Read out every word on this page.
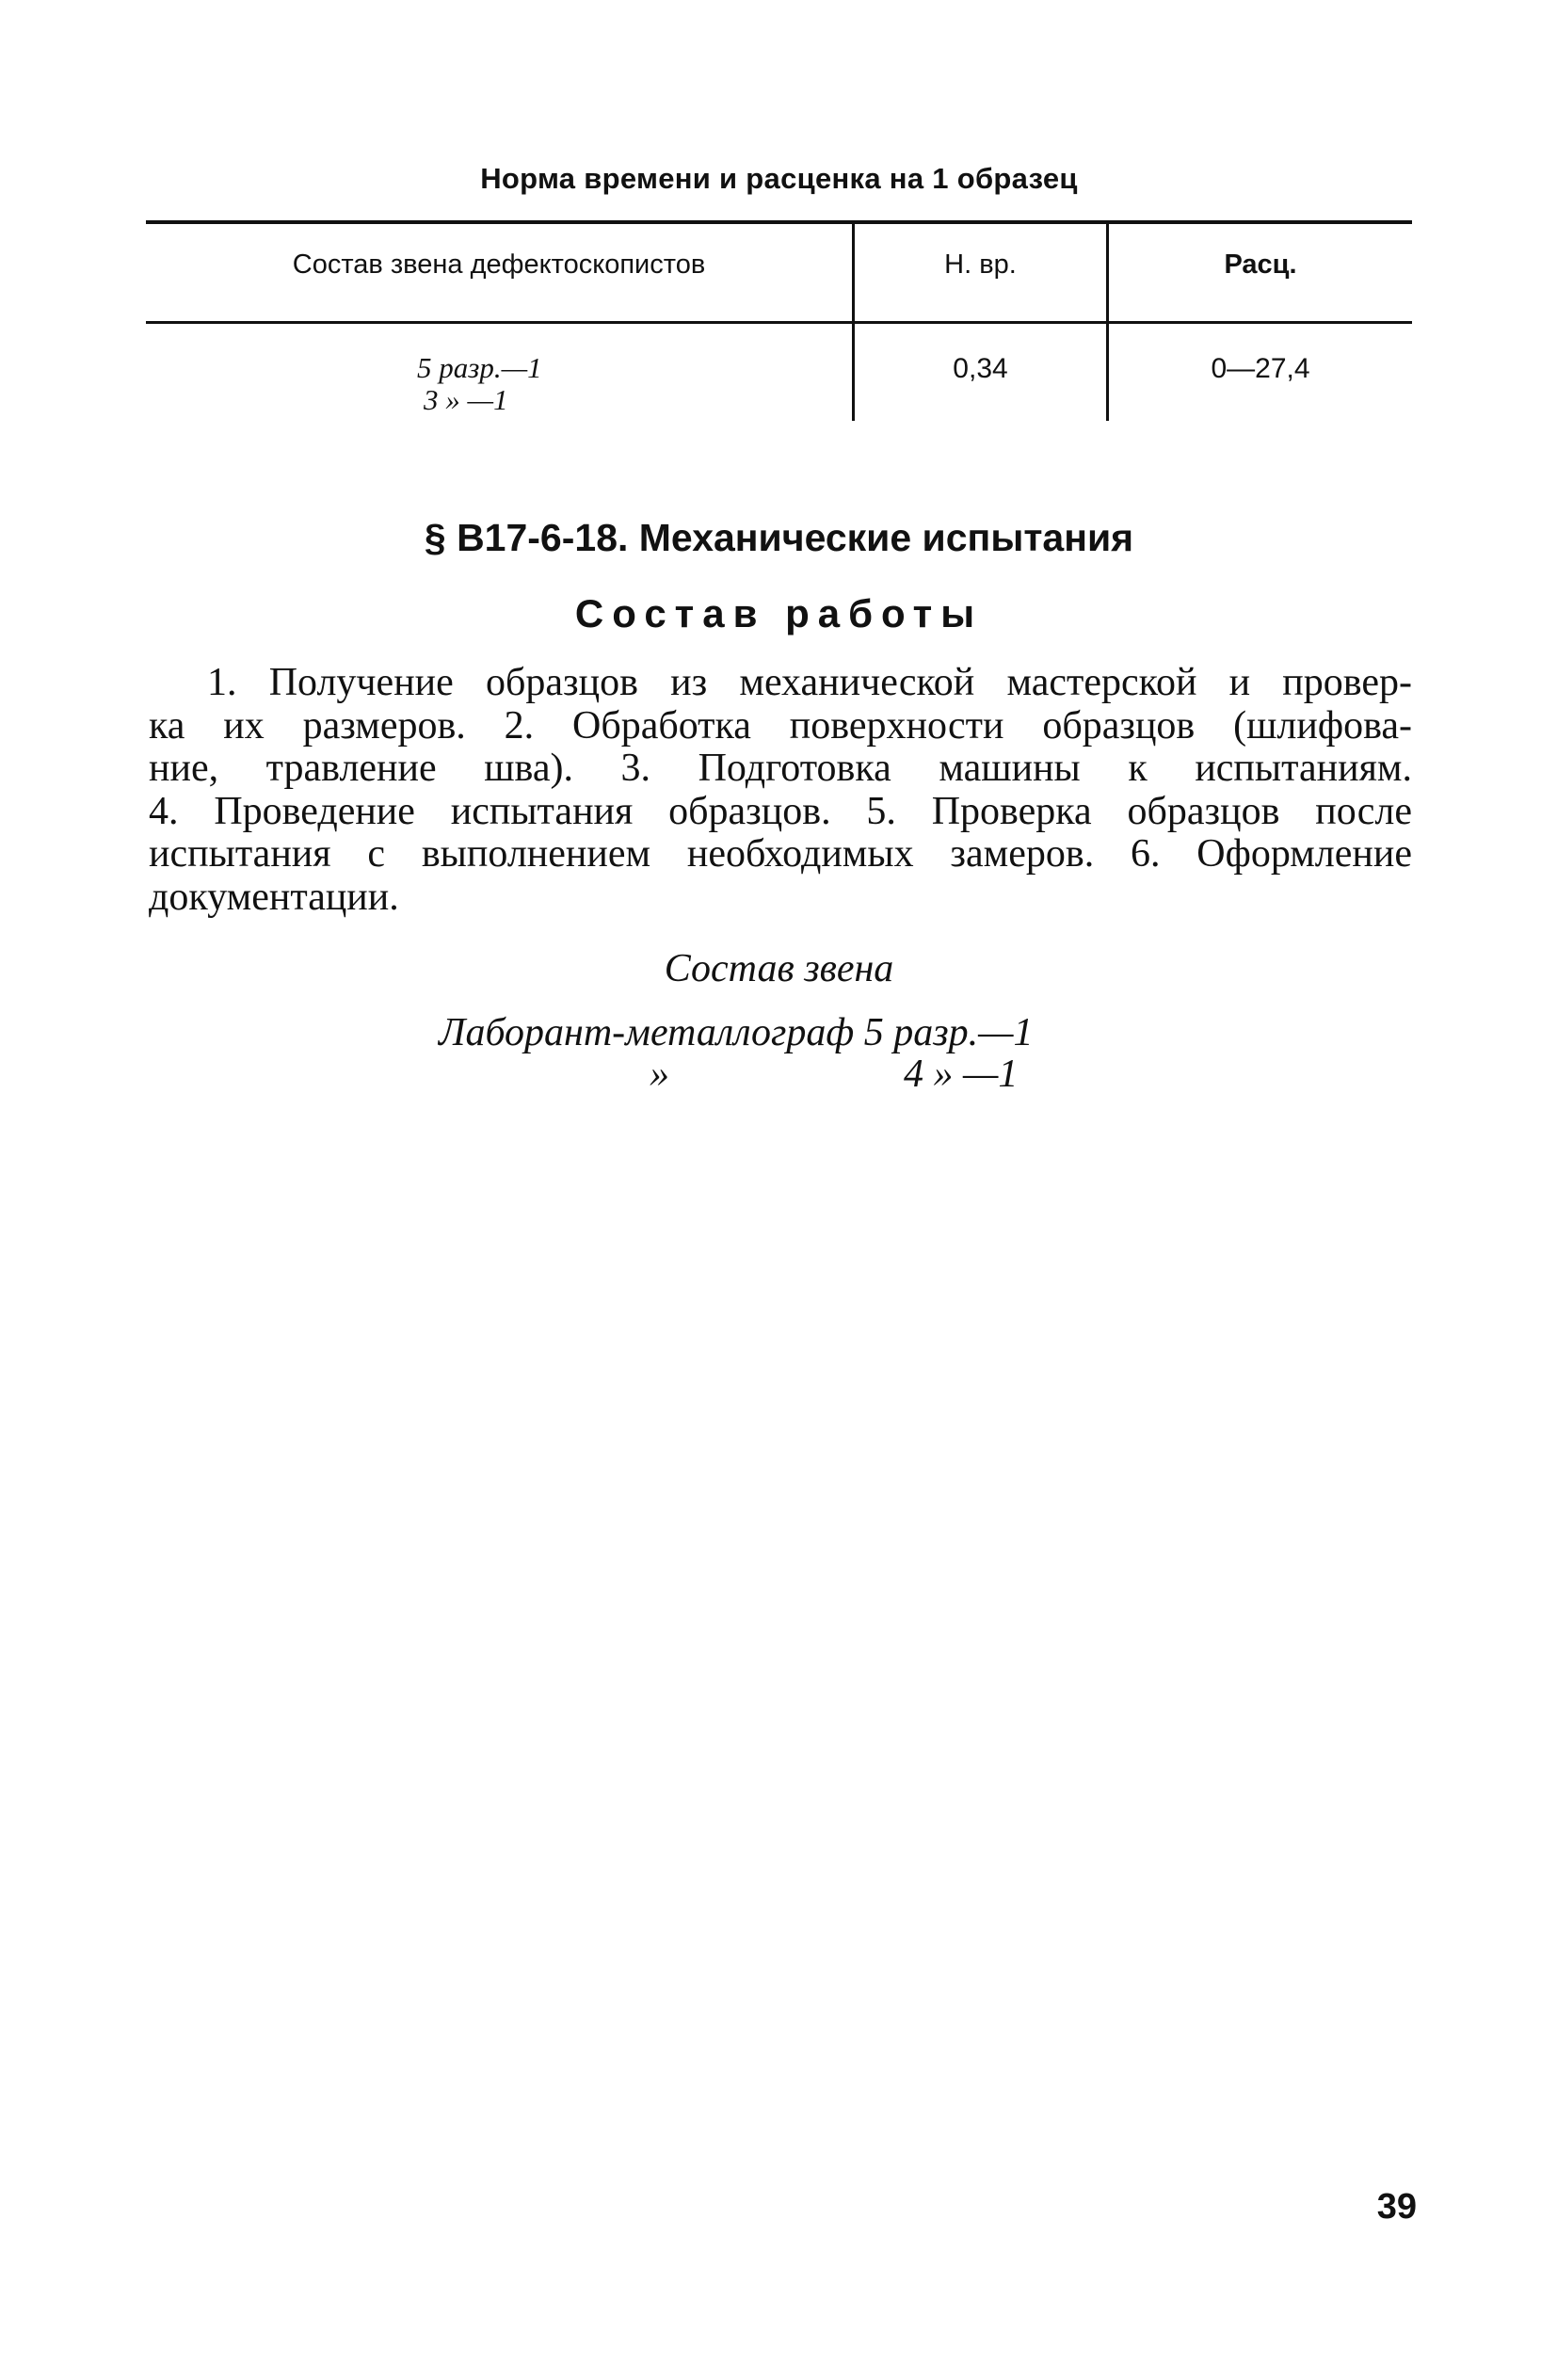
Норма времени и расценка на 1 образец
Состав звена дефектоскопистов	Н. вр.	Расц.
5 разр.—1
3 » —1
0,34	0—27,4
§ В17-6-18. Механические испытания
Состав работы
1. Получение образцов из механической мастерской и провер-
ка их размеров. 2. Обработка поверхности образцов (шлифова-
ние, травление шва). 3. Подготовка машины к испытаниям.
4. Проведение испытания образцов. 5. Проверка образцов после
испытания с выполнением необходимых замеров. 6. Оформление
документации.
Состав звена
Лаборант-металлограф 5 разр.—1
»	4 » —1
39
